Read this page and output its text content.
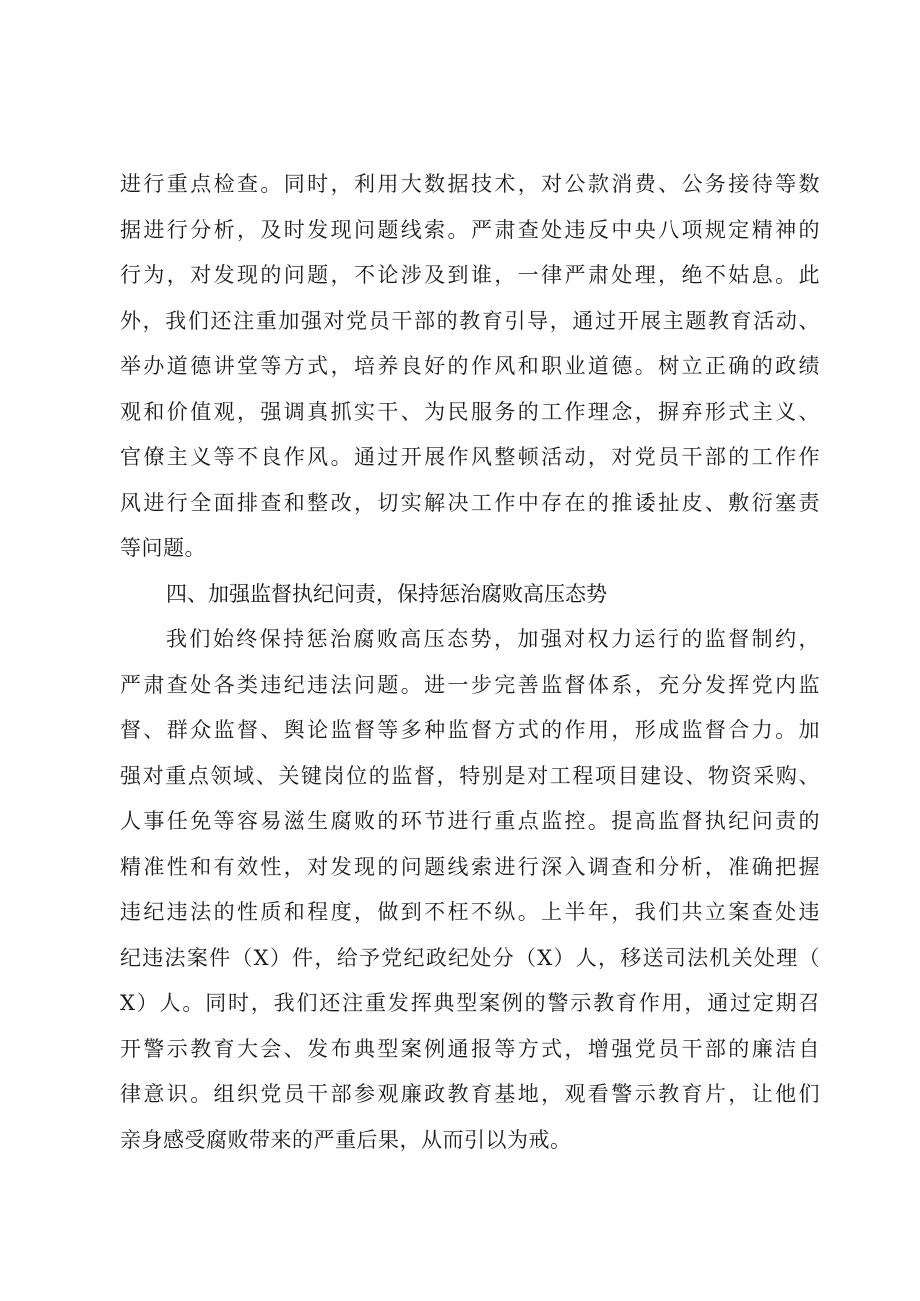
进行重点检查。同时，利用大数据技术，对公款消费、公务接待等数
据进行分析，及时发现问题线索。严肃查处违反中央八项规定精神的
行为，对发现的问题，不论涉及到谁，一律严肃处理，绝不姑息。此
外，我们还注重加强对党员干部的教育引导，通过开展主题教育活动、
举办道德讲堂等方式，培养良好的作风和职业道德。树立正确的政绩
观和价值观，强调真抓实干、为民服务的工作理念，摒弃形式主义、
官僚主义等不良作风。通过开展作风整顿活动，对党员干部的工作作
风进行全面排查和整改，切实解决工作中存在的推诿扯皮、敷衍塞责
等问题。
四、加强监督执纪问责，保持惩治腐败高压态势
我们始终保持惩治腐败高压态势，加强对权力运行的监督制约，
严肃查处各类违纪违法问题。进一步完善监督体系，充分发挥党内监
督、群众监督、舆论监督等多种监督方式的作用，形成监督合力。加
强对重点领域、关键岗位的监督，特别是对工程项目建设、物资采购、
人事任免等容易滋生腐败的环节进行重点监控。提高监督执纪问责的
精准性和有效性，对发现的问题线索进行深入调查和分析，准确把握
违纪违法的性质和程度，做到不枉不纵。上半年，我们共立案查处违
纪违法案件（X）件，给予党纪政纪处分（X）人，移送司法机关处理（
X）人。同时，我们还注重发挥典型案例的警示教育作用，通过定期召
开警示教育大会、发布典型案例通报等方式，增强党员干部的廉洁自
律意识。组织党员干部参观廉政教育基地，观看警示教育片，让他们
亲身感受腐败带来的严重后果，从而引以为戒。
